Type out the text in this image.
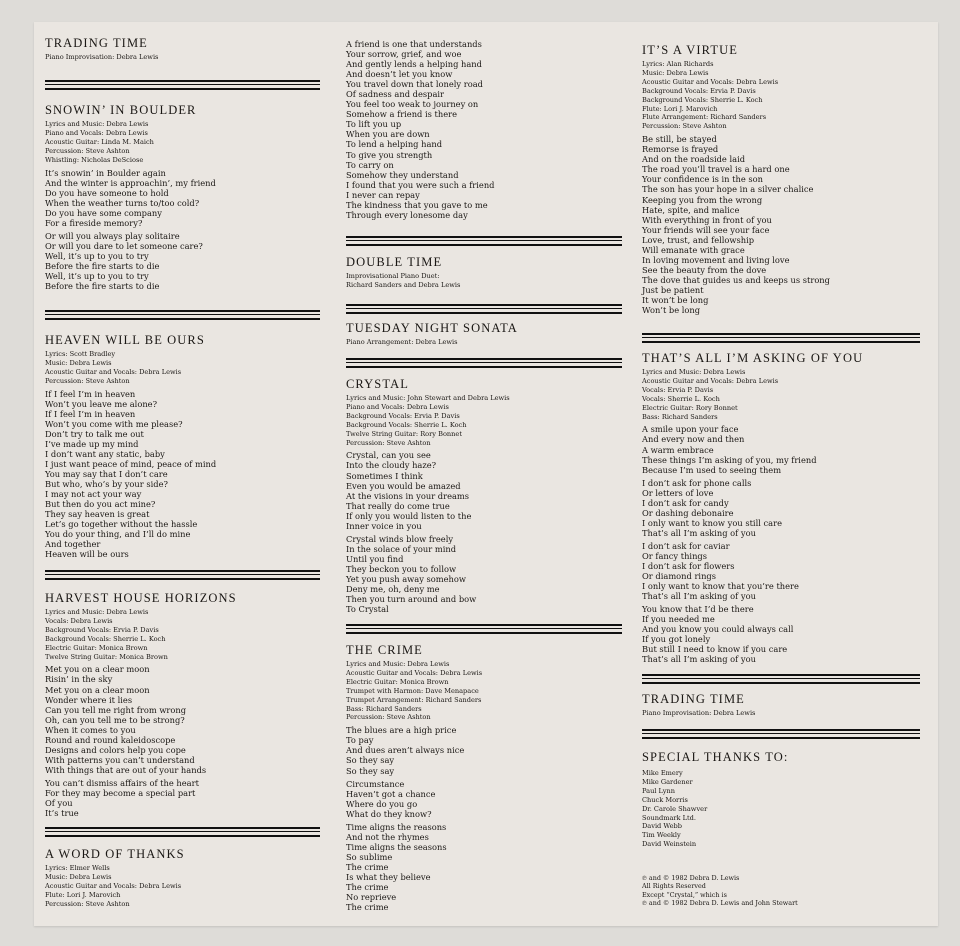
TRADING TIME
Piano Improvisation: Debra Lewis
SNOWIN’ IN BOULDER
Lyrics and Music: Debra Lewis
Piano and Vocals: Debra Lewis
Acoustic Guitar: Linda M. Maich
Percussion: Steve Ashton
Whistling: Nicholas DeSciose
It’s snowin’ in Boulder again
And the winter is approachin’, my friend
Do you have someone to hold
When the weather turns to/too cold?
Do you have some company
For a fireside memory?
Or will you always play solitaire
Or will you dare to let someone care?
Well, it’s up to you to try
Before the fire starts to die
Well, it’s up to you to try
Before the fire starts to die
HEAVEN WILL BE OURS
Lyrics: Scott Bradley
Music: Debra Lewis
Acoustic Guitar and Vocals: Debra Lewis
Percussion: Steve Ashton
If I feel I’m in heaven
Won’t you leave me alone?
If I feel I’m in heaven
Won’t you come with me please?
Don’t try to talk me out
I’ve made up my mind
I don’t want any static, baby
I just want peace of mind, peace of mind
You may say that I don’t care
But who, who’s by your side?
I may not act your way
But then do you act mine?
They say heaven is great
Let’s go together without the hassle
You do your thing, and I’ll do mine
And together
Heaven will be ours
HARVEST HOUSE HORIZONS
Lyrics and Music: Debra Lewis
Vocals: Debra Lewis
Background Vocals: Ervia P. Davis
Background Vocals: Sherrie L. Koch
Electric Guitar: Monica Brown
Twelve String Guitar: Monica Brown
Met you on a clear moon
Risin’ in the sky
Met you on a clear moon
Wonder where it lies
Can you tell me right from wrong
Oh, can you tell me to be strong?
When it comes to you
Round and round kaleidoscope
Designs and colors help you cope
With patterns you can’t understand
With things that are out of your hands
You can’t dismiss affairs of the heart
For they may become a special part
Of you
It’s true
A WORD OF THANKS
Lyrics: Elmer Wells
Music: Debra Lewis
Acoustic Guitar and Vocals: Debra Lewis
Flute: Lori J. Marovich
Percussion: Steve Ashton
A friend is one that understands
Your sorrow, grief, and woe
And gently lends a helping hand
And doesn’t let you know
You travel down that lonely road
Of sadness and despair
You feel too weak to journey on
Somehow a friend is there
To lift you up
When you are down
To lend a helping hand
To give you strength
To carry on
Somehow they understand
I found that you were such a friend
I never can repay
The kindness that you gave to me
Through every lonesome day
DOUBLE TIME
Improvisational Piano Duet:
Richard Sanders and Debra Lewis
TUESDAY NIGHT SONATA
Piano Arrangement: Debra Lewis
CRYSTAL
Lyrics and Music: John Stewart and Debra Lewis
Piano and Vocals: Debra Lewis
Background Vocals: Ervia P. Davis
Background Vocals: Sherrie L. Koch
Twelve String Guitar: Rory Bonnet
Percussion: Steve Ashton
Crystal, can you see
Into the cloudy haze?
Sometimes I think
Even you would be amazed
At the visions in your dreams
That really do come true
If only you would listen to the
Inner voice in you
Crystal winds blow freely
In the solace of your mind
Until you find
They beckon you to follow
Yet you push away somehow
Deny me, oh, deny me
Then you turn around and bow
To Crystal
THE CRIME
Lyrics and Music: Debra Lewis
Acoustic Guitar and Vocals: Debra Lewis
Electric Guitar: Monica Brown
Trumpet with Harmon: Dave Menapace
Trumpet Arrangement: Richard Sanders
Bass: Richard Sanders
Percussion: Steve Ashton
The blues are a high price
To pay
And dues aren’t always nice
So they say
So they say
Circumstance
Haven’t got a chance
Where do you go
What do they know?
Time aligns the reasons
And not the rhymes
Time aligns the seasons
So sublime
The crime
Is what they believe
The crime
No reprieve
The crime
IT’S A VIRTUE
Lyrics: Alan Richards
Music: Debra Lewis
Acoustic Guitar and Vocals: Debra Lewis
Background Vocals: Ervia P. Davis
Background Vocals: Sherrie L. Koch
Flute: Lori J. Marovich
Flute Arrangement: Richard Sanders
Percussion: Steve Ashton
Be still, be stayed
Remorse is frayed
And on the roadside laid
The road you’ll travel is a hard one
Your confidence is in the son
The son has your hope in a silver chalice
Keeping you from the wrong
Hate, spite, and malice
With everything in front of you
Your friends will see your face
Love, trust, and fellowship
Will emanate with grace
In loving movement and living love
See the beauty from the dove
The dove that guides us and keeps us strong
Just be patient
It won’t be long
Won’t be long
THAT’S ALL I’M ASKING OF YOU
Lyrics and Music: Debra Lewis
Acoustic Guitar and Vocals: Debra Lewis
Vocals: Ervia P. Davis
Vocals: Sherrie L. Koch
Electric Guitar: Rory Bonnet
Bass: Richard Sanders
A smile upon your face
And every now and then
A warm embrace
These things I’m asking of you, my friend
Because I’m used to seeing them
I don’t ask for phone calls
Or letters of love
I don’t ask for candy
Or dashing debonaire
I only want to know you still care
That’s all I’m asking of you
I don’t ask for caviar
Or fancy things
I don’t ask for flowers
Or diamond rings
I only want to know that you’re there
That’s all I’m asking of you
You know that I’d be there
If you needed me
And you know you could always call
If you got lonely
But still I need to know if you care
That’s all I’m asking of you
TRADING TIME
Piano Improvisation: Debra Lewis
SPECIAL THANKS TO:
Mike Emery
Mike Gardener
Paul Lynn
Chuck Morris
Dr. Carole Shawver
Soundmark Ltd.
David Webb
Tim Weekly
David Weinstein
℗ and © 1982 Debra D. Lewis
All Rights Reserved
Except “Crystal,” which is
℗ and © 1982 Debra D. Lewis and John Stewart
